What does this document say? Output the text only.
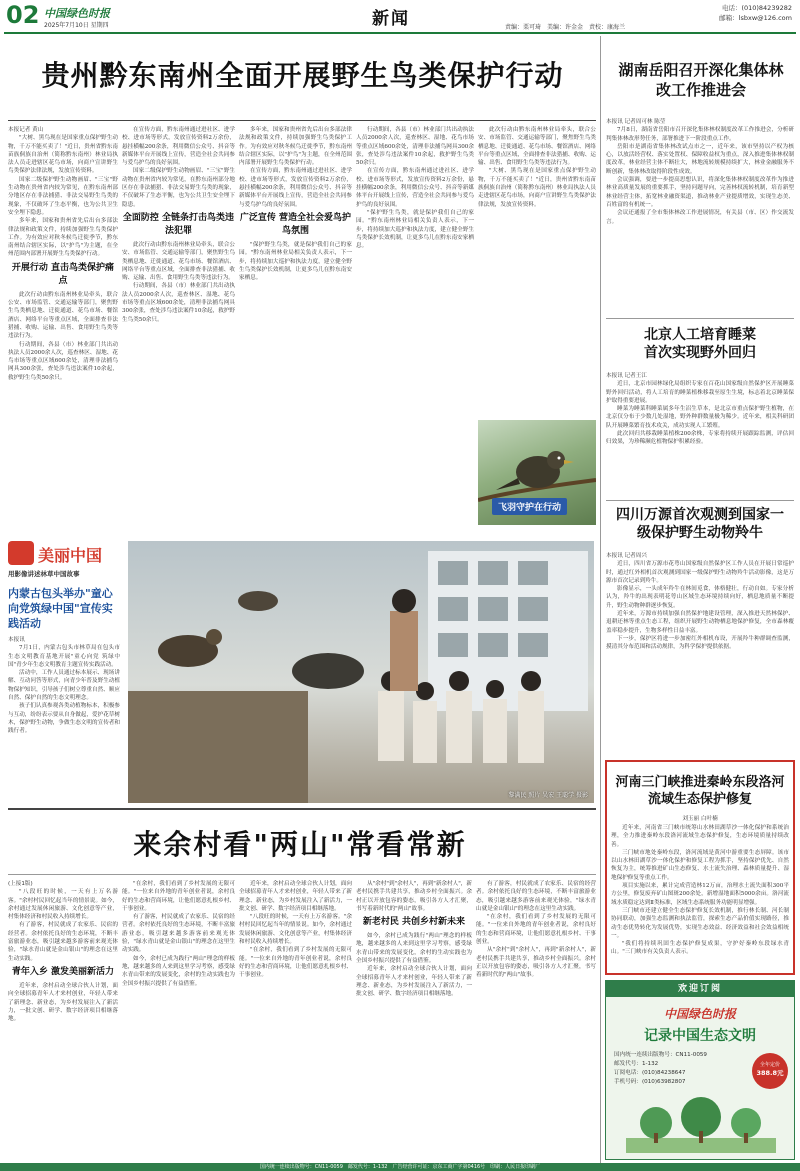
02 中国绿色时报
2025年7月10日 星期四	新闻
电话：(010)84239282
邮箱：lsbxw@126.com
责编：栗可琦　美编：许金金　责校：康海兰
贵州黔东南州全面开展野生鸟类保护行动
本报记者 黄山

"大树、黑鸟现在是国家重点保护野生动物，千万不能买卖了！"近日，贵州省黔东南苗族侗族自治州（简称黔东南州）林业局执法人员走进辖区花鸟市场，向商户宣讲野生鸟类保护法律法规，发放宣传资料。

国家二级保护野生动物画眉、"三宝"野生动物在贵州省内较为常见，在黔东南州部分地区存在非法捕猎、非法交易野生鸟类的现象，不仅破坏了生态平衡，也为公共卫生安全埋下隐患。

多年来，国家和贵州省先后出台多部法律法规和政策文件，持续加强野生鸟类保护工作。为有效应对秋冬候鸟迁徙季节，黔东南州结合辖区实际，以"护鸟"为主题，在全州范围内部署开展野生鸟类保护行动。

开展行动 直击鸟类保护痛点

此次行动由黔东南州林业局牵头，联合公安、市场监管、交通运输等部门，聚焦野生鸟类栖息地、迁徙通道、花鸟市场、餐馆酒店、网络平台等重点区域，全面排查非法猎捕、收购、运输、出售、食用野生鸟类等违法行为。

行动期间，各县（市）林业部门共出动执法人员2000余人次，巡查林区、湿地、花鸟市场等重点区域600余处，清理非法捕鸟网具300余张，查处涉鸟违法案件10余起，救护野生鸟类50余只。

在宣传方面，黔东南州通过进社区、进学校、进市场等形式，发放宣传资料2万余份，悬挂横幅200余条，利用微信公众号、抖音等新媒体平台开展线上宣传，营造全社会共同参与爱鸟护鸟的良好氛围。

国家二级保护野生动物画眉、"三宝"野生动物在贵州省内较为常见，在黔东南州部分地区存在非法捕猎、非法交易野生鸟类的现象，不仅破坏了生态平衡，也为公共卫生安全埋下隐患。

全面防控 全链条打击鸟类违法犯罪

此次行动由黔东南州林业局牵头，联合公安、市场监管、交通运输等部门，聚焦野生鸟类栖息地、迁徙通道、花鸟市场、餐馆酒店、网络平台等重点区域，全面排查非法猎捕、收购、运输、出售、食用野生鸟类等违法行为。

行动期间，各县（市）林业部门共出动执法人员2000余人次，巡查林区、湿地、花鸟市场等重点区域600余处，清理非法捕鸟网具300余张，查处涉鸟违法案件10余起，救护野生鸟类50余只。

多年来，国家和贵州省先后出台多部法律法规和政策文件，持续加强野生鸟类保护工作。为有效应对秋冬候鸟迁徙季节，黔东南州结合辖区实际，以"护鸟"为主题，在全州范围内部署开展野生鸟类保护行动。

在宣传方面，黔东南州通过进社区、进学校、进市场等形式，发放宣传资料2万余份，悬挂横幅200余条，利用微信公众号、抖音等新媒体平台开展线上宣传，营造全社会共同参与爱鸟护鸟的良好氛围。

广泛宣传 营造全社会爱鸟护鸟氛围

"保护野生鸟类，就是保护我们自己的家园。"黔东南州林业局相关负责人表示，下一步，将持续加大巡护和执法力度，建立健全野生鸟类保护长效机制，让更多鸟儿在黔东南安家栖息。

行动期间，各县（市）林业部门共出动执法人员2000余人次，巡查林区、湿地、花鸟市场等重点区域600余处，清理非法捕鸟网具300余张，查处涉鸟违法案件10余起，救护野生鸟类50余只。

在宣传方面，黔东南州通过进社区、进学校、进市场等形式，发放宣传资料2万余份，悬挂横幅200余条，利用微信公众号、抖音等新媒体平台开展线上宣传，营造全社会共同参与爱鸟护鸟的良好氛围。

"保护野生鸟类，就是保护我们自己的家园。"黔东南州林业局相关负责人表示，下一步，将持续加大巡护和执法力度，建立健全野生鸟类保护长效机制，让更多鸟儿在黔东南安家栖息。

此次行动由黔东南州林业局牵头，联合公安、市场监管、交通运输等部门，聚焦野生鸟类栖息地、迁徙通道、花鸟市场、餐馆酒店、网络平台等重点区域，全面排查非法猎捕、收购、运输、出售、食用野生鸟类等违法行为。

"大树、黑鸟现在是国家重点保护野生动物，千万不能买卖了！"近日，贵州省黔东南苗族侗族自治州（简称黔东南州）林业局执法人员走进辖区花鸟市场，向商户宣讲野生鸟类保护法律法规，发放宣传资料。

飞羽守护在行动
湖南岳阳召开深化集体林改工作推进会
本报讯 记者周可林 陈莹

7月8日，湖南省岳阳市召开深化集体林权制度改革工作推进会，分析研判集体林改形势任务，部署推进下一阶段重点工作。

岳阳市是湖南省集体林改试点市之一，近年来，该市坚持以产权为核心，以放活经营权、落实处置权、保障收益权为重点，深入推进集体林权制度改革，林业经营主体不断壮大，林地流转规模持续扩大，林业金融服务不断创新，集体林改取得阶段性成效。

会议强调，要进一步提高思想认识，将深化集体林权制度改革作为推进林业高质量发展的重要抓手，坚持问题导向，完善林权流转机制，培育新型林业经营主体，拓宽林业融资渠道，推动林业产业提质增效，实现生态美、百姓富的有机统一。

会议还通报了全市集体林改工作进展情况，有关县（市、区）作交流发言。

北京人工培育睡菜首次实现野外回归
本报讯 记者王江

近日，北京市园林绿化局组织专家在百花山国家级自然保护区开展睡菜野外回归活动，将人工培育的睡菜植株移栽至原生生境，标志着北京睡菜保护取得重要进展。

睡菜为睡菜科睡菜属多年生沼生草本，是北京市重点保护野生植物，在北京仅分布于少数几处湿地，野外种群数量极为稀少。近年来，相关科研团队开展睡菜繁育技术攻关，成功实现人工繁殖。

此次回归共移栽睡菜植株200余株，专家将持续开展跟踪监测，评估回归效果，为珍稀濒危植物保护积累经验。

四川万源首次观测到国家一级保护野生动物羚牛
本报讯 记者周兴

近日，四川省万源市花萼山国家级自然保护区工作人员在开展日常巡护时，通过红外相机首次观测到国家一级保护野生动物羚牛活动影像，这是万源市首次记录到羚牛。

影像显示，一头成年羚牛在林间觅食，体格健壮，行动自如。专家分析认为，羚牛的出现表明花萼山区域生态环境持续向好，栖息地质量不断提升，野生动物种群逐步恢复。

近年来，万源市持续加强自然保护地建设管理，深入推进天然林保护、退耕还林等重点生态工程，组织开展野生动物栖息地保护修复，全市森林覆盖率稳步提升，生物多样性日益丰富。

下一步，保护区将进一步加密红外相机布设，开展羚牛种群调查监测，摸清其分布范围和活动规律，为科学保护提供依据。

河南三门峡推进秦岭东段洛河流域生态保护修复
刘玉丽 白叶楠

近年来，河南省三门峡市统筹山水林田湖草沙一体化保护和系统治理，全力推进秦岭东段洛河流域生态保护修复，生态环境质量持续改善。

三门峡市地处秦岭东段，洛河流域是黄河中游重要生态屏障。该市以山水林田湖草沙一体化保护和修复工程为抓手，坚持保护优先、自然恢复为主，统筹推进矿山生态修复、水土流失治理、森林质量提升、湿地保护修复等重点工作。

项目实施以来，累计完成营造林12万亩，治理水土流失面积300平方公里，修复废弃矿山图斑200余处，新增湿地面积5000余亩。洛河流域水质稳定达到Ⅱ类标准，区域生态系统服务功能明显增强。

三门峡市还建立健全生态保护修复长效机制，推行林长制、河长制协同联动，加强生态监测和执法监管，探索生态产品价值实现路径，推动生态优势转化为发展优势，实现生态效益、经济效益和社会效益相统一。

"我们将持续巩固生态保护修复成果，守护好秦岭东段绿水青山。"三门峡市有关负责人表示。

欢迎订阅
中国绿色时报
记录中国生态文明
国内统一连续出版物号：CN11-0059
邮发代号：1-132
订阅电话：(010)84238647
手机号码：(010)63982807
全年定价
388.8元
美丽中国
用影像讲述林草中国故事
内蒙古包头举办"童心向党筑绿中国"宣传实践活动
本报讯

7月1日，内蒙古包头市林草局在包头市生态文明教育基地开展"童心向党 筑绿中国"青少年生态文明教育主题宣传实践活动。

活动中，工作人员通过标本展示、现场讲解、互动问答等形式，向青少年普及野生动植物保护知识，引导孩子们树立尊重自然、顺应自然、保护自然的生态文明理念。

孩子们认真参观各类动植物标本，积极参与互动，纷纷表示要从自身做起，爱护花草树木，保护野生动物，争做生态文明的宣传者和践行者。

黎满民 照片 吴宏 王聪学 摄影
来余村看"两山"常看常新
(上接1版)

"八段旺的时候，一天有上万名游客。"余村村民回忆起当年的情景说。如今，余村通过发展休闲旅游、文化创意等产业，村集体经济和村民收入持续增长。

有了游客，村民就成了农家乐、民宿的经营者。余村依托良好的生态环境，不断丰富旅游业态，吸引越来越多游客前来观光体验，"绿水青山就是金山银山"的理念在这里生动实践。

青年入乡 激发美丽新活力

近年来，余村启动全球合伙人计划，面向全球招募青年人才来村创业，年轻人带来了新理念、新业态，为乡村发展注入了新活力，一批文创、研学、数字经济项目相继落地。

"在余村，我们看到了乡村发展的无限可能。"一位来自外地的青年创业者说，余村良好的生态和营商环境，让他们愿意扎根乡村、干事创业。

有了游客，村民就成了农家乐、民宿的经营者。余村依托良好的生态环境，不断丰富旅游业态，吸引越来越多游客前来观光体验，"绿水青山就是金山银山"的理念在这里生动实践。

如今，余村已成为践行"两山"理念的样板地，越来越多的人来到这里学习考察，感受绿水青山带来的发展变化，余村的生动实践也为全国乡村振兴提供了有益借鉴。

近年来，余村启动全球合伙人计划，面向全球招募青年人才来村创业，年轻人带来了新理念、新业态，为乡村发展注入了新活力，一批文创、研学、数字经济项目相继落地。

"八段旺的时候，一天有上万名游客。"余村村民回忆起当年的情景说。如今，余村通过发展休闲旅游、文化创意等产业，村集体经济和村民收入持续增长。

"在余村，我们看到了乡村发展的无限可能。"一位来自外地的青年创业者说，余村良好的生态和营商环境，让他们愿意扎根乡村、干事创业。

从"余村"到"余村人"，再到"新余村人"，新老村民携手共建共享，推动乡村全面振兴。余村正以开放包容的姿态，吸引各方人才汇聚，书写着新时代的"两山"故事。

新老村民 共创乡村新未来

如今，余村已成为践行"两山"理念的样板地，越来越多的人来到这里学习考察，感受绿水青山带来的发展变化，余村的生动实践也为全国乡村振兴提供了有益借鉴。

近年来，余村启动全球合伙人计划，面向全球招募青年人才来村创业，年轻人带来了新理念、新业态，为乡村发展注入了新活力，一批文创、研学、数字经济项目相继落地。

有了游客，村民就成了农家乐、民宿的经营者。余村依托良好的生态环境，不断丰富旅游业态，吸引越来越多游客前来观光体验，"绿水青山就是金山银山"的理念在这里生动实践。

"在余村，我们看到了乡村发展的无限可能。"一位来自外地的青年创业者说，余村良好的生态和营商环境，让他们愿意扎根乡村、干事创业。

从"余村"到"余村人"，再到"新余村人"，新老村民携手共建共享，推动乡村全面振兴。余村正以开放包容的姿态，吸引各方人才汇聚，书写着新时代的"两山"故事。

国内统一连续出版物号：CN11-0059　邮发代号：1-132　广告经营许可证：京东工商广字第0416号　印刷：人民日报印刷厂
